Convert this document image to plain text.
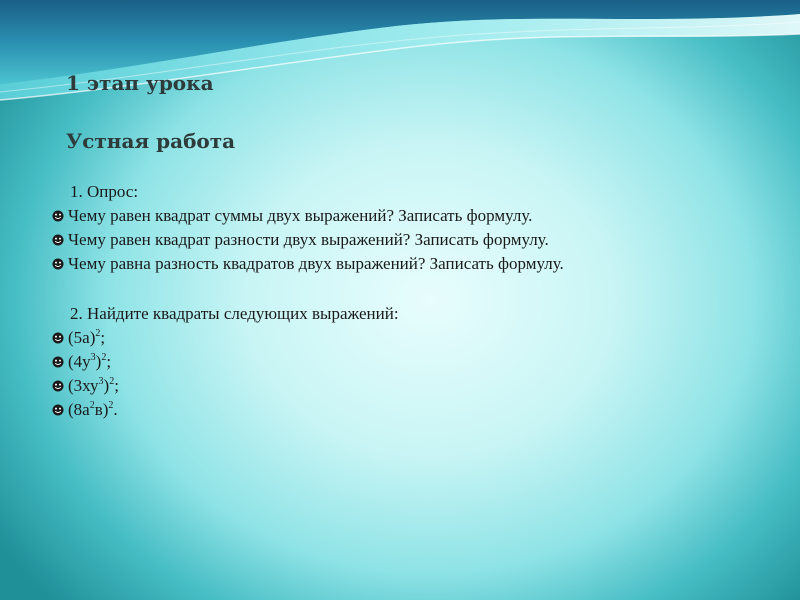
1 этап урока
Устная работа
1. Опрос:
Чему равен квадрат суммы двух выражений? Записать формулу.
Чему равен квадрат разности двух выражений? Записать формулу.
Чему равна разность квадратов двух выражений? Записать формулу.
2. Найдите квадраты следующих выражений:
$(5а)^2$;
$(4у^3)^2$;
$(3ху^3)^2$;
$(8а^2в)^2$.
